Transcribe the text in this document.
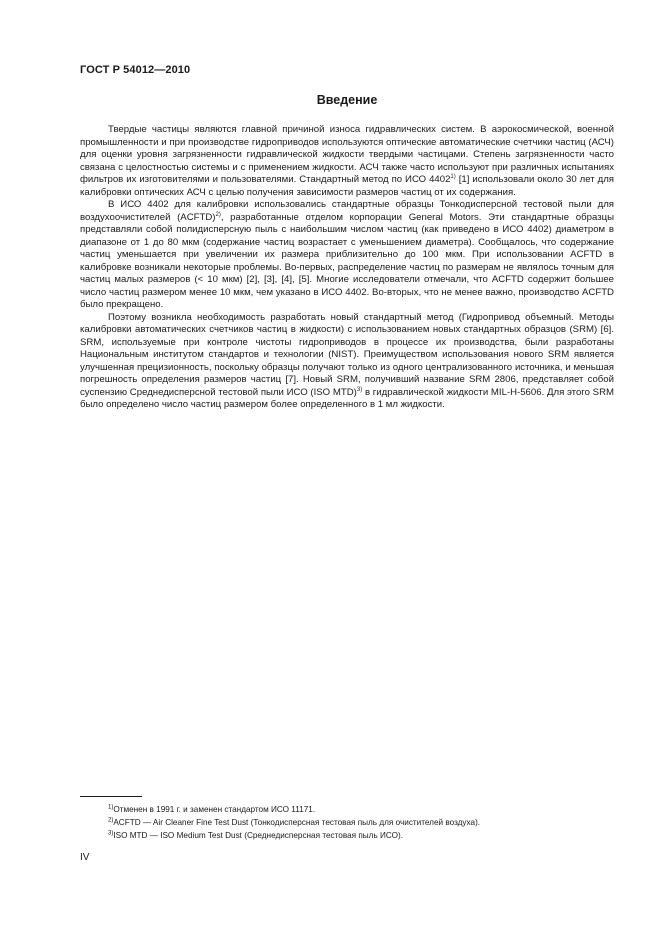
ГОСТ Р 54012—2010
Введение

Твердые частицы являются главной причиной износа гидравлических систем. В аэрокосмической, военной промышленности и при производстве гидроприводов используются оптические автоматические счетчики частиц (АСЧ) для оценки уровня загрязненности гидравлической жидкости твердыми частицами. Степень загрязненности часто связана с целостностью системы и с применением жидкости. АСЧ также часто используют при различных испытаниях фильтров их изготовителями и пользователями. Стандартный метод по ИСО 4402$^{1)}$ [1] использовали около 30 лет для калибровки оптических АСЧ с целью получения зависимости размеров частиц от их содержания.

В ИСО 4402 для калибровки использовались стандартные образцы Тонкодисперсной тестовой пыли для воздухоочистителей (ACFTD)$^{2)}$, разработанные отделом корпорации General Motors. Эти стандартные образцы представляли собой полидисперсную пыль с наибольшим числом частиц (как приведено в ИСО 4402) диаметром в диапазоне от 1 до 80 мкм (содержание частиц возрастает с уменьшением диаметра). Сообщалось, что содержание частиц уменьшается при увеличении их размера приблизительно до 100 мкм. При использовании ACFTD в калибровке возникали некоторые проблемы. Во-первых, распределение частиц по размерам не являлось точным для частиц малых размеров (< 10 мкм) [2], [3], [4], [5]. Многие исследователи отмечали, что ACFTD содержит большее число частиц размером менее 10 мкм, чем указано в ИСО 4402. Во-вторых, что не менее важно, производство ACFTD было прекращено.

Поэтому возникла необходимость разработать новый стандартный метод (Гидропривод объемный. Методы калибровки автоматических счетчиков частиц в жидкости) с использованием новых стандартных образцов (SRM) [6]. SRM, используемые при контроле чистоты гидроприводов в процессе их производства, были разработаны Национальным институтом стандартов и технологии (NIST). Преимуществом использования нового SRM является улучшенная прецизионность, поскольку образцы получают только из одного централизованного источника, и меньшая погрешность определения размеров частиц [7]. Новый SRM, получивший название SRM 2806, представляет собой суспензию Среднедисперсной тестовой пыли ИСО (ISO MTD)$^{3)}$ в гидравлической жидкости MIL-H-5606. Для этого SRM было определено число частиц размером более определенного в 1 мл жидкости.

$^{1)}$Отменен в 1991 г. и заменен стандартом ИСО 11171.
$^{2)}$ACFTD — Air Cleaner Fine Test Dust (Тонкодисперсная тестовая пыль для очистителей воздуха).
$^{3)}$ISO MTD — ISO Medium Test Dust (Среднедисперсная тестовая пыль ИСО).
IV
